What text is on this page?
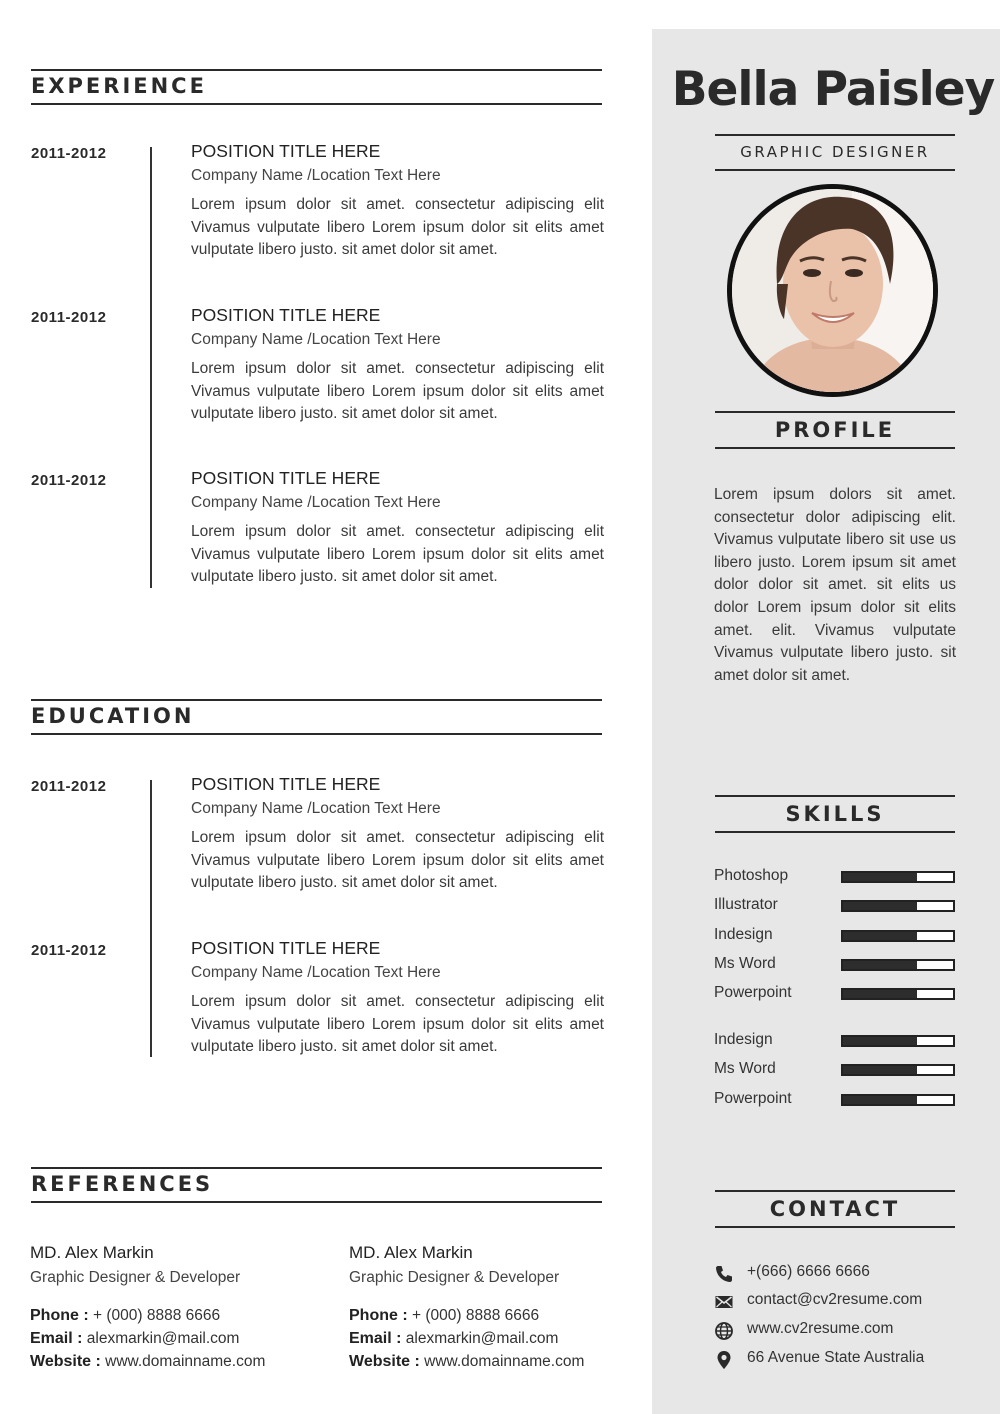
Bella Paisley
GRAPHIC DESIGNER
PROFILE
Lorem ipsum dolors sit amet. consectetur dolor adipiscing elit. Vivamus vulputate libero sit use us libero justo. Lorem ipsum sit amet dolor dolor sit amet. sit elits us dolor Lorem ipsum dolor sit elits amet. elit. Vivamus vulputate Vivamus vulputate libero justo. sit amet dolor sit amet.
SKILLS
Photoshop
Illustrator
Indesign
Ms Word
Powerpoint
Indesign
Ms Word
Powerpoint
CONTACT
+(666) 6666 6666
contact@cv2resume.com
www.cv2resume.com
66 Avenue State Australia
EXPERIENCE
2011-2012	POSITION TITLE HERE
Company Name /Location Text Here
Lorem ipsum dolor sit amet. consectetur adipiscing elit Vivamus vulputate libero Lorem ipsum dolor sit elits amet vulputate libero justo. sit amet dolor sit amet.
2011-2012	POSITION TITLE HERE
Company Name /Location Text Here
Lorem ipsum dolor sit amet. consectetur adipiscing elit Vivamus vulputate libero Lorem ipsum dolor sit elits amet vulputate libero justo. sit amet dolor sit amet.
2011-2012	POSITION TITLE HERE
Company Name /Location Text Here
Lorem ipsum dolor sit amet. consectetur adipiscing elit Vivamus vulputate libero Lorem ipsum dolor sit elits amet vulputate libero justo. sit amet dolor sit amet.
EDUCATION
2011-2012	POSITION TITLE HERE
Company Name /Location Text Here
Lorem ipsum dolor sit amet. consectetur adipiscing elit Vivamus vulputate libero Lorem ipsum dolor sit elits amet vulputate libero justo. sit amet dolor sit amet.
2011-2012	POSITION TITLE HERE
Company Name /Location Text Here
Lorem ipsum dolor sit amet. consectetur adipiscing elit Vivamus vulputate libero Lorem ipsum dolor sit elits amet vulputate libero justo. sit amet dolor sit amet.
REFERENCES
MD. Alex Markin
Graphic Designer & Developer
Phone : + (000) 8888 6666
Email : alexmarkin@mail.com
Website : www.domainname.com
MD. Alex Markin
Graphic Designer & Developer
Phone : + (000) 8888 6666
Email : alexmarkin@mail.com
Website : www.domainname.com
